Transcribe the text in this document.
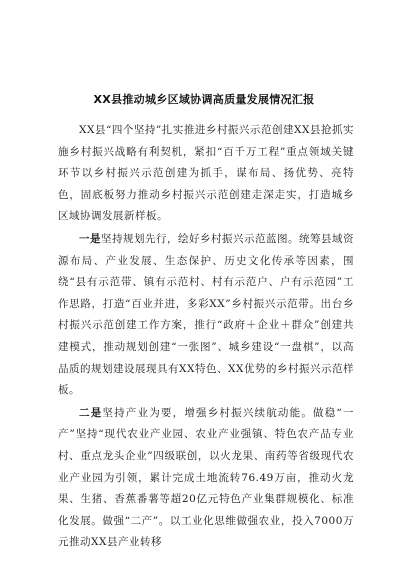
XX县推动城乡区域协调高质量发展情况汇报

XX县“四个坚持”扎实推进乡村振兴示范创建XX县抢抓实施乡村振兴战略有利契机，紧扣“百千万工程”重点领域关键环节以乡村振兴示范创建为抓手，谋布局、扬优势、亮特色，固底板努力推动乡村振兴示范创建走深走实，打造城乡区域协调发展新样板。

一是坚持规划先行，绘好乡村振兴示范蓝图。统筹县域资源布局、产业发展、生态保护、历史文化传承等因素，围绕“县有示范带、镇有示范村、村有示范户、户有示范园”工作思路，打造“百业并进，多彩XX”乡村振兴示范带。出台乡村振兴示范创建工作方案，推行“政府＋企业＋群众”创建共建模式，推动规划创建“一张图”、城乡建设“一盘棋”，以高品质的规划建设展现具有XX特色、XX优势的乡村振兴示范样板。

二是坚持产业为要，增强乡村振兴续航动能。做稳“一产”坚持“现代农业产业园、农业产业强镇、特色农产品专业村、重点龙头企业”四级联创，以火龙果、南药等省级现代农业产业园为引领，累计完成土地流转76.49万亩，推动火龙果、生猪、香蕉番薯等超20亿元特色产业集群规模化、标准化发展。做强“二产”。以工业化思维做强农业，投入7000万元推动XX县产业转移
